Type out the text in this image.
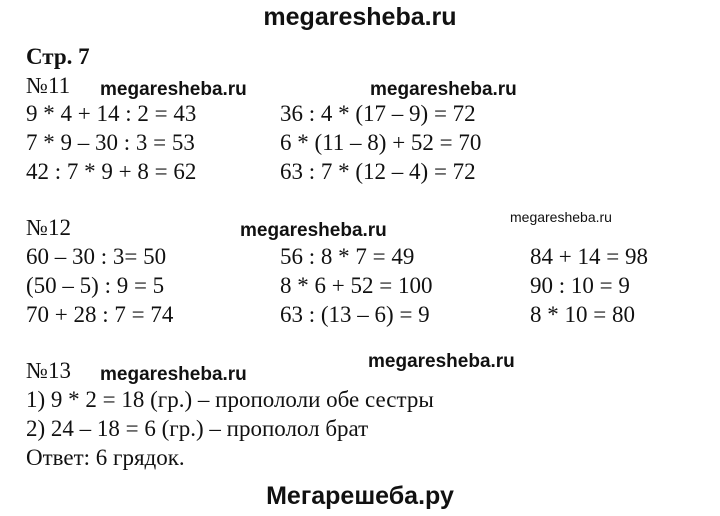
megaresheba.ru
Стр. 7
№11 megaresheba.ru	megaresheba.ru
9 * 4 + 14 : 2 = 43
7 * 9 – 30 : 3 = 53
42 : 7 * 9 + 8 = 62
36 : 4 * (17 – 9) = 72
6 * (11 – 8) + 52 = 70
63 : 7 * (12 – 4) = 72
№12	megaresheba.ru
megaresheba.ru
60 – 30 : 3= 50
(50 – 5) : 9 = 5
70 + 28 : 7 = 74
56 : 8 * 7 = 49
8 * 6 + 52 = 100
63 : (13 – 6) = 9
84 + 14 = 98
90 : 10 = 9
8 * 10 = 80
№13 megaresheba.ru
megaresheba.ru
1) 9 * 2 = 18 (гр.) – пропололи обе сестры
2) 24 – 18 = 6 (гр.) – прополол брат
Ответ: 6 грядок.
Мегарешеба.ру
